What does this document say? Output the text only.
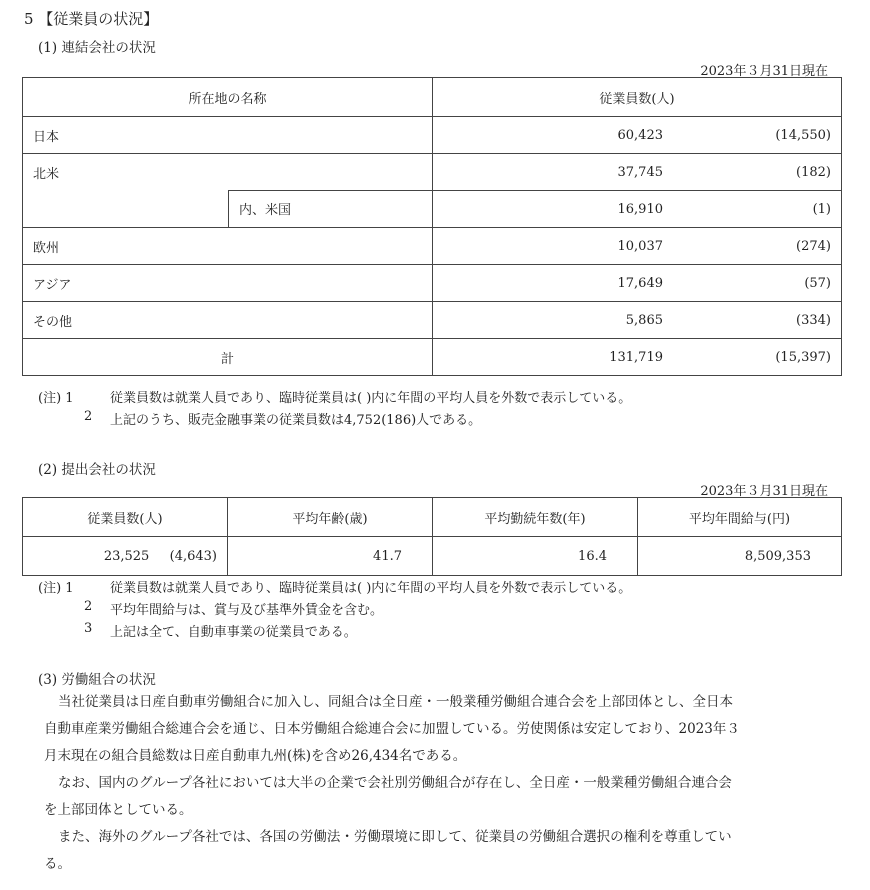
5 【従業員の状況】
(1) 連結会社の状況
2023年３月31日現在
所在地の名称	従業員数(人)
日本	60,423 (14,550)

北米	37,745 (182)

内、米国	16,910 (1)

欧州	10,037 (274)

アジア	17,649 (57)

その他	5,865 (334)

計	131,719 (15,397)
(注) 1	従業員数は就業人員であり、臨時従業員は( )内に年間の平均人員を外数で表示している。
2 上記のうち、販売金融事業の従業員数は4,752(186)人である。
(2) 提出会社の状況
2023年３月31日現在
従業員数(人)	平均年齢(歳)	平均勤続年数(年)	平均年間給与(円)
23,525 (4,643)	41.7	16.4	8,509,353
(注) 1	従業員数は就業人員であり、臨時従業員は( )内に年間の平均人員を外数で表示している。
2 平均年間給与は、賞与及び基準外賃金を含む。
3 上記は全て、自動車事業の従業員である。
(3) 労働組合の状況
当社従業員は日産自動車労働組合に加入し、同組合は全日産・一般業種労働組合連合会を上部団体とし、全日本
自動車産業労働組合総連合会を通じ、日本労働組合総連合会に加盟している。労使関係は安定しており、2023年３
月末現在の組合員総数は日産自動車九州(株)を含め26,434名である。
なお、国内のグループ各社においては大半の企業で会社別労働組合が存在し、全日産・一般業種労働組合連合会
を上部団体としている。
また、海外のグループ各社では、各国の労働法・労働環境に即して、従業員の労働組合選択の権利を尊重してい
る。
